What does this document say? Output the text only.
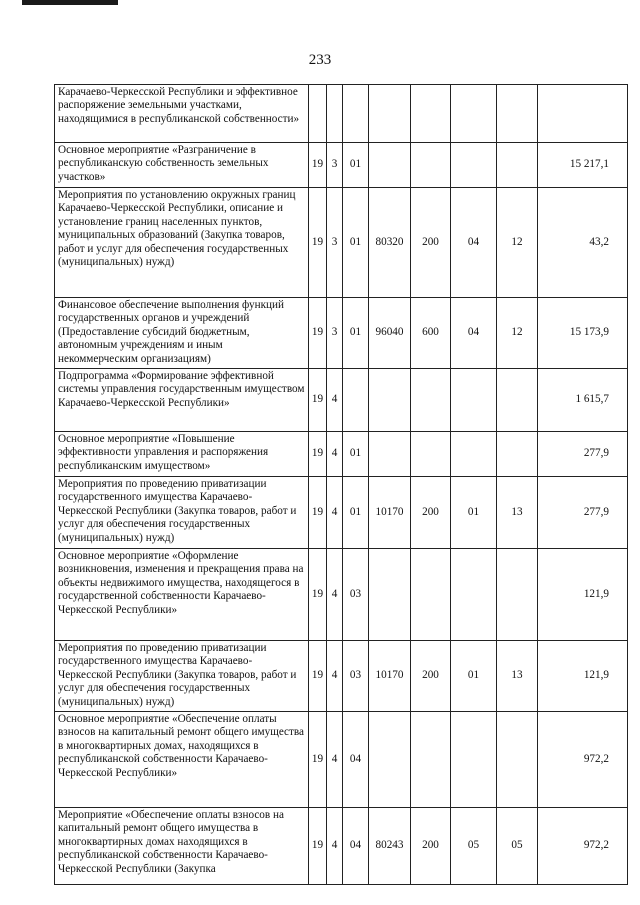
233
Карачаево-Черкесской Республики и эффективное распоряжение земельными участками, находящимися в республиканской собственности»								
Основное мероприятие «Разграничение в республиканскую собственность земельных участков»	19	3	01					15 217,1
Мероприятия по установлению окружных границ Карачаево-Черкесской Республики, описание и установление границ населенных пунктов, муниципальных образований (Закупка товаров, работ и услуг для обеспечения государственных (муниципальных) нужд)	19	3	01	80320	200	04	12	43,2
Финансовое обеспечение выполнения функций государственных органов и учреждений (Предоставление субсидий бюджетным, автономным учреждениям и иным некоммерческим организациям)	19	3	01	96040	600	04	12	15 173,9
Подпрограмма «Формирование эффективной системы управления государственным имуществом Карачаево-Черкесской Республики»	19	4						1 615,7
Основное мероприятие «Повышение эффективности управления и распоряжения республиканским имуществом»	19	4	01					277,9
Мероприятия по проведению приватизации государственного имущества Карачаево-Черкесской Республики (Закупка товаров, работ и услуг для обеспечения государственных (муниципальных) нужд)	19	4	01	10170	200	01	13	277,9
Основное мероприятие «Оформление возникновения, изменения и прекращения права на объекты недвижимого имущества, находящегося в государственной собственности Карачаево-Черкесской Республики»	19	4	03					121,9
Мероприятия по проведению приватизации государственного имущества Карачаево-Черкесской Республики (Закупка товаров, работ и услуг для обеспечения государственных (муниципальных) нужд)	19	4	03	10170	200	01	13	121,9
Основное мероприятие «Обеспечение оплаты взносов на капитальный ремонт общего имущества в многоквартирных домах, находящихся в республиканской собственности Карачаево-Черкесской Республики»	19	4	04					972,2
Мероприятие «Обеспечение оплаты взносов на капитальный ремонт общего имущества в многоквартирных домах находящихся в республиканской собственности Карачаево-Черкесской Республики (Закупка	19	4	04	80243	200	05	05	972,2
